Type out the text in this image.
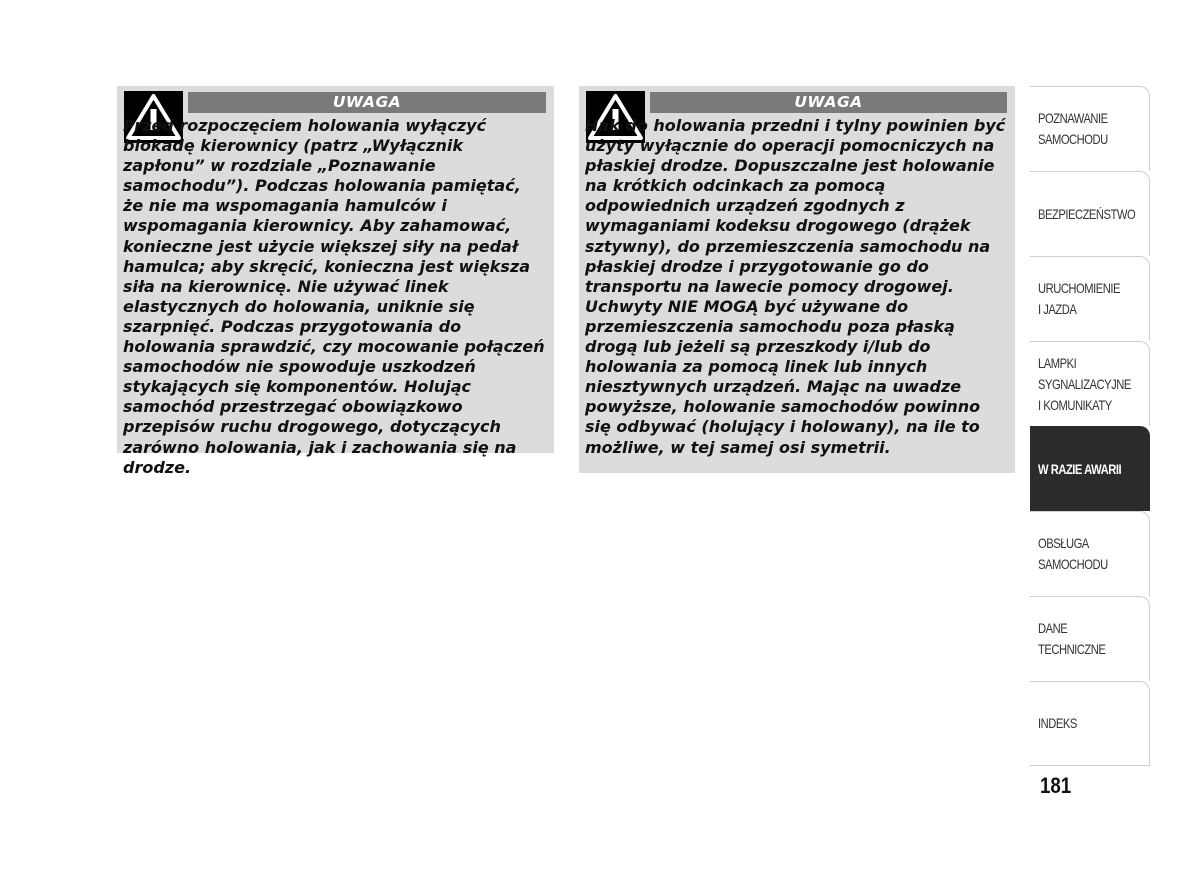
UWAGA

Przed rozpoczęciem holowania wyłączyć blokadę kierownicy (patrz „Wyłącznik zapłonu” w rozdziale „Poznawanie samochodu”). Podczas holowania pamiętać, że nie ma wspomagania hamulców i wspomagania kierownicy. Aby zahamować, konieczne jest użycie większej siły na pedał hamulca; aby skręcić, konieczna jest większa siła na kierownicę. Nie używać linek elastycznych do holowania, uniknie się szarpnięć. Podczas przygotowania do holowania sprawdzić, czy mocowanie połączeń samochodów nie spowoduje uszkodzeń stykających się komponentów. Holując samochód przestrzegać obowiązkowo przepisów ruchu drogowego, dotyczących zarówno holowania, jak i zachowania się na drodze.

UWAGA

Hak do holowania przedni i tylny powinien być użyty wyłącznie do operacji pomocniczych na płaskiej drodze. Dopuszczalne jest holowanie na krótkich odcinkach za pomocą odpowiednich urządzeń zgodnych z wymaganiami kodeksu drogowego (drążek sztywny), do przemieszczenia samochodu na płaskiej drodze i przygotowanie go do transportu na lawecie pomocy drogowej. Uchwyty NIE MOGĄ być używane do przemieszczenia samochodu poza płaską drogą lub jeżeli są przeszkody i/lub do holowania za pomocą linek lub innych niesztywnych urządzeń. Mając na uwadze powyższe, holowanie samochodów powinno się odbywać (holujący i holowany), na ile to możliwe, w tej samej osi symetrii.

POZNAWANIE
SAMOCHODU
BEZPIECZEŃSTWO
URUCHOMIENIE
I JAZDA
LAMPKI
SYGNALIZACYJNE
I KOMUNIKATY
W RAZIE AWARII
OBSŁUGA
SAMOCHODU
DANE
TECHNICZNE
INDEKS
181
